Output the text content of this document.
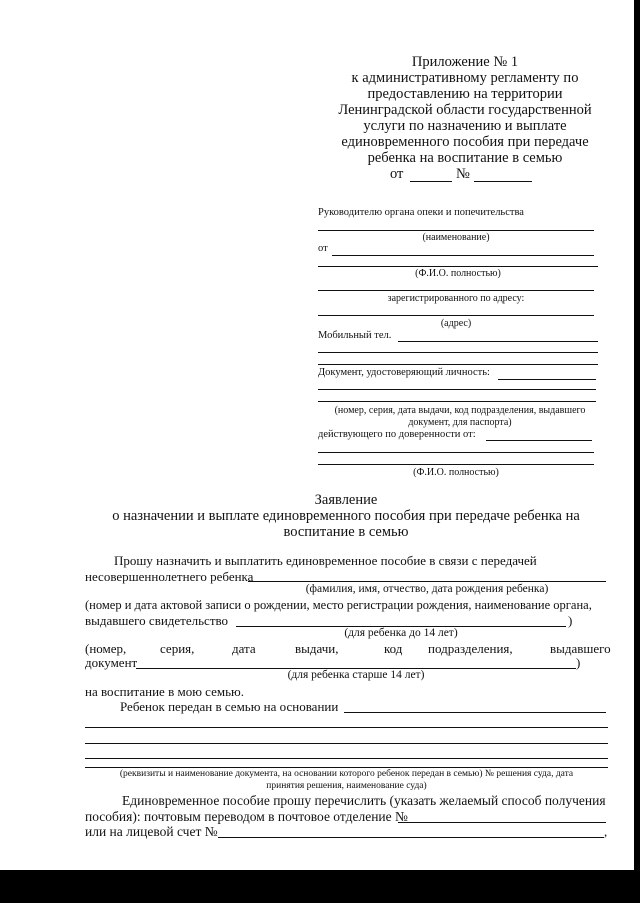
Приложение № 1
к административному регламенту по
предоставлению на территории
Ленинградской области государственной
услуги по назначению и выплате
единовременного пособия при передаче
ребенка на воспитание в семью
от	№
Руководителю органа опеки и попечительства
(наименование)
от
(Ф.И.О. полностью)
зарегистрированного по адресу:
(адрес)
Мобильный тел.
Документ, удостоверяющий личность:
(номер, серия, дата выдачи, код подразделения, выдавшего
документ, для паспорта)
действующего по доверенности от:
(Ф.И.О. полностью)
Заявление
о назначении и выплате единовременного пособия при передаче ребенка на
воспитание в семью
Прошу назначить и выплатить единовременное пособие в связи с передачей
несовершеннолетнего ребенка
(фамилия, имя, отчество, дата рождения ребенка)
(номер и дата актовой записи о рождении, место регистрации рождения, наименование органа,
выдавшего свидетельство	)
(для ребенка до 14 лет)
(номер,	серия,	дата	выдачи,	код подразделения,	выдавшего
документ	)
(для ребенка старше 14 лет)
на воспитание в мою семью.
Ребенок передан в семью на основании
(реквизиты и наименование документа, на основании которого ребенок передан в семью) № решения суда, дата
принятия решения, наименование суда)
Единовременное пособие прошу перечислить (указать желаемый способ получения
пособия): почтовым переводом в почтовое отделение №
или на лицевой счет №	,
